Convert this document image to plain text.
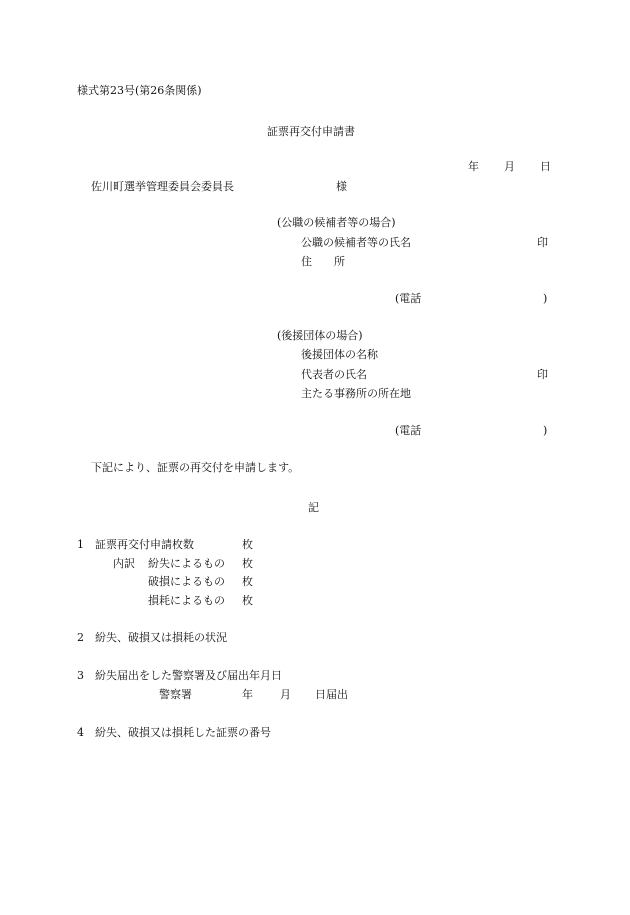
様式第23号(第26条関係)

証票再交付申請書

年 月 日
佐川町選挙管理委員会委員長	様
(公職の候補者等の場合)
公職の候補者等の氏名	印
住　　所
(電話	)
(後援団体の場合)
後援団体の名称
代表者の氏名	印
主たる事務所の所在地
(電話	)

下記により、証票の再交付を申請します。

記

1 証票再交付申請枚数	枚
内訳 紛失によるもの 枚
破損によるもの 枚
損耗によるもの 枚
2 紛失、破損又は損耗の状況
3 紛失届出をした警察署及び届出年月日
警察署	年 月 日届出
4 紛失、破損又は損耗した証票の番号
